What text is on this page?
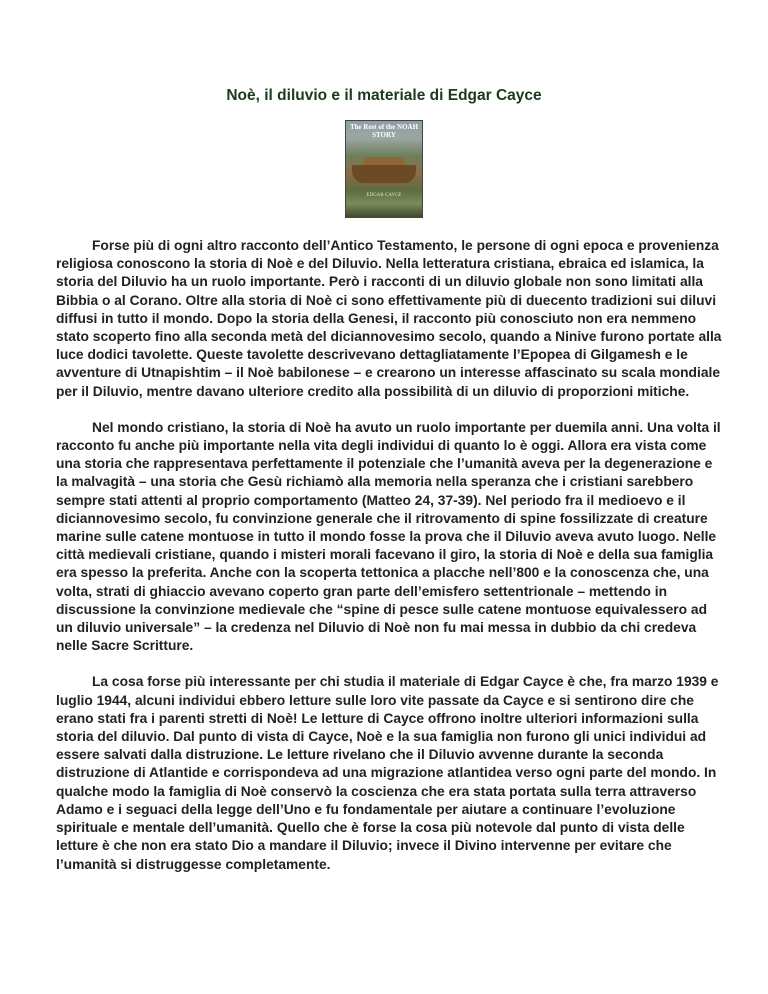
Noè, il diluvio e il materiale di Edgar Cayce
The Rest of the NOAH STORY
EDGAR CAYCE

Forse più di ogni altro racconto dell’Antico Testamento, le persone di ogni epoca e provenienza religiosa conoscono la storia di Noè e del Diluvio. Nella letteratura cristiana, ebraica ed islamica, la storia del Diluvio ha un ruolo importante. Però i racconti di un diluvio globale non sono limitati alla Bibbia o al Corano. Oltre alla storia di Noè ci sono effettivamente più di duecento tradizioni sui diluvi diffusi in tutto il mondo. Dopo la storia della Genesi, il racconto più conosciuto non era nemmeno stato scoperto fino alla seconda metà del diciannovesimo secolo, quando a Ninive furono portate alla luce dodici tavolette. Queste tavolette descrivevano dettagliatamente l’Epopea di Gilgamesh e le avventure di Utnapishtim – il Noè babilonese – e crearono un interesse affascinato su scala mondiale per il Diluvio, mentre davano ulteriore credito alla possibilità di un diluvio di proporzioni mitiche.

Nel mondo cristiano, la storia di Noè ha avuto un ruolo importante per duemila anni. Una volta il racconto fu anche più importante nella vita degli individui di quanto lo è oggi. Allora era vista come una storia che rappresentava perfettamente il potenziale che l’umanità aveva per la degenerazione e la malvagità – una storia che Gesù richiamò alla memoria nella speranza che i cristiani sarebbero sempre stati attenti al proprio comportamento (Matteo 24, 37-39). Nel periodo fra il medioevo e il diciannovesimo secolo, fu convinzione generale che il ritrovamento di spine fossilizzate di creature marine sulle catene montuose in tutto il mondo fosse la prova che il Diluvio aveva avuto luogo. Nelle città medievali cristiane, quando i misteri morali facevano il giro, la storia di Noè e della sua famiglia era spesso la preferita. Anche con la scoperta tettonica a placche nell’800 e la conoscenza che, una volta, strati di ghiaccio avevano coperto gran parte dell’emisfero settentrionale – mettendo in discussione la convinzione medievale che “spine di pesce sulle catene montuose equivalessero ad un diluvio universale” – la credenza nel Diluvio di Noè non fu mai messa in dubbio da chi credeva nelle Sacre Scritture.

La cosa forse più interessante per chi studia il materiale di Edgar Cayce è che, fra marzo 1939 e luglio 1944, alcuni individui ebbero letture sulle loro vite passate da Cayce e si sentirono dire che erano stati fra i parenti stretti di Noè! Le letture di Cayce offrono inoltre ulteriori informazioni sulla storia del diluvio. Dal punto di vista di Cayce, Noè e la sua famiglia non furono gli unici individui ad essere salvati dalla distruzione. Le letture rivelano che il Diluvio avvenne durante la seconda distruzione di Atlantide e corrispondeva ad una migrazione atlantidea verso ogni parte del mondo. In qualche modo la famiglia di Noè conservò la coscienza che era stata portata sulla terra attraverso Adamo e i seguaci della legge dell’Uno e fu fondamentale per aiutare a continuare l’evoluzione spirituale e mentale dell’umanità. Quello che è forse la cosa più notevole dal punto di vista delle letture è che non era stato Dio a mandare il Diluvio; invece il Divino intervenne per evitare che l’umanità si distruggesse completamente.
